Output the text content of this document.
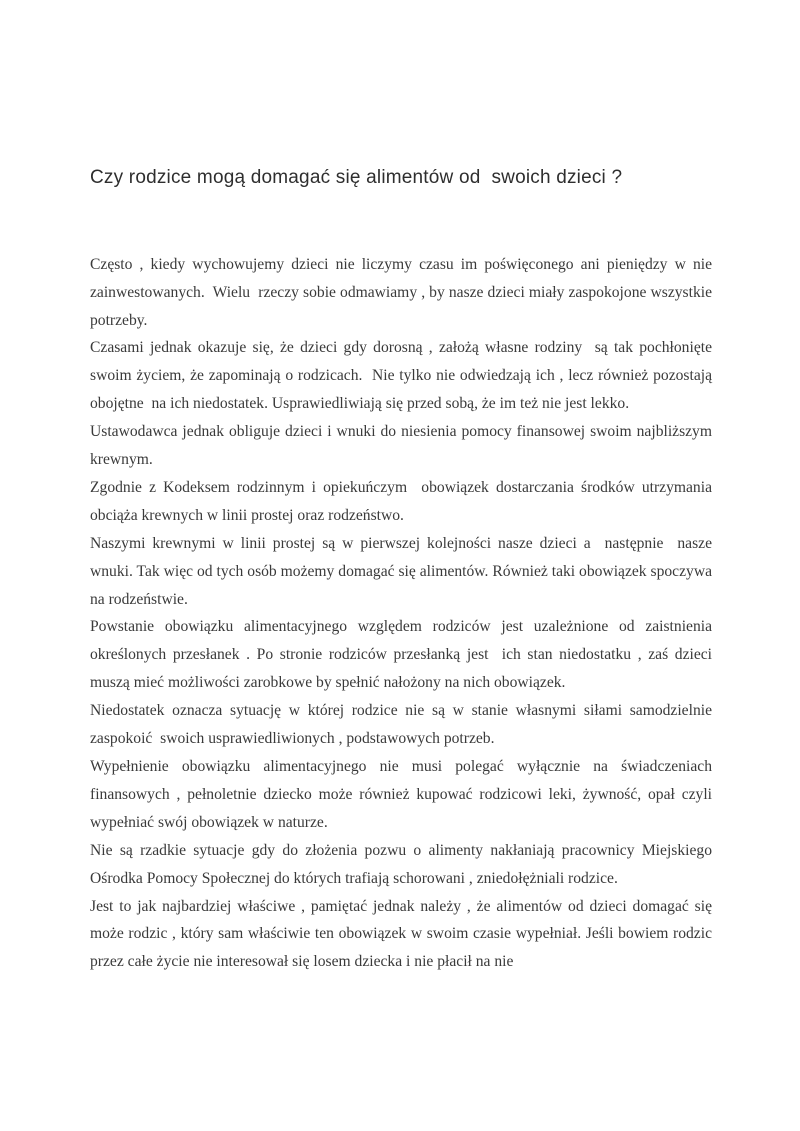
Czy rodzice mogą domagać się alimentów od  swoich dzieci ?

Często , kiedy wychowujemy dzieci nie liczymy czasu im poświęconego ani pieniędzy w nie zainwestowanych.  Wielu  rzeczy sobie odmawiamy , by nasze dzieci miały zaspokojone wszystkie potrzeby.

Czasami jednak okazuje się, że dzieci gdy dorosną , założą własne rodziny  są tak pochłonięte swoim życiem, że zapominają o rodzicach.  Nie tylko nie odwiedzają ich , lecz również pozostają obojętne  na ich niedostatek. Usprawiedliwiają się przed sobą, że im też nie jest lekko.

Ustawodawca jednak obliguje dzieci i wnuki do niesienia pomocy finansowej swoim najbliższym krewnym.

Zgodnie z Kodeksem rodzinnym i opiekuńczym  obowiązek dostarczania środków utrzymania obciąża krewnych w linii prostej oraz rodzeństwo.

Naszymi krewnymi w linii prostej są w pierwszej kolejności nasze dzieci a  następnie  nasze wnuki. Tak więc od tych osób możemy domagać się alimentów. Również taki obowiązek spoczywa na rodzeństwie.

Powstanie obowiązku alimentacyjnego względem rodziców jest uzależnione od zaistnienia określonych przesłanek . Po stronie rodziców przesłanką jest  ich stan niedostatku , zaś dzieci muszą mieć możliwości zarobkowe by spełnić nałożony na nich obowiązek.

Niedostatek oznacza sytuację w której rodzice nie są w stanie własnymi siłami samodzielnie zaspokoić  swoich usprawiedliwionych , podstawowych potrzeb.

Wypełnienie obowiązku alimentacyjnego nie musi polegać wyłącznie na świadczeniach finansowych , pełnoletnie dziecko może również kupować rodzicowi leki, żywność, opał czyli wypełniać swój obowiązek w naturze.

Nie są rzadkie sytuacje gdy do złożenia pozwu o alimenty nakłaniają pracownicy Miejskiego Ośrodka Pomocy Społecznej do których trafiają schorowani , zniedołężniali rodzice.

Jest to jak najbardziej właściwe , pamiętać jednak należy , że alimentów od dzieci domagać się może rodzic , który sam właściwie ten obowiązek w swoim czasie wypełniał. Jeśli bowiem rodzic przez całe życie nie interesował się losem dziecka i nie płacił na nie
